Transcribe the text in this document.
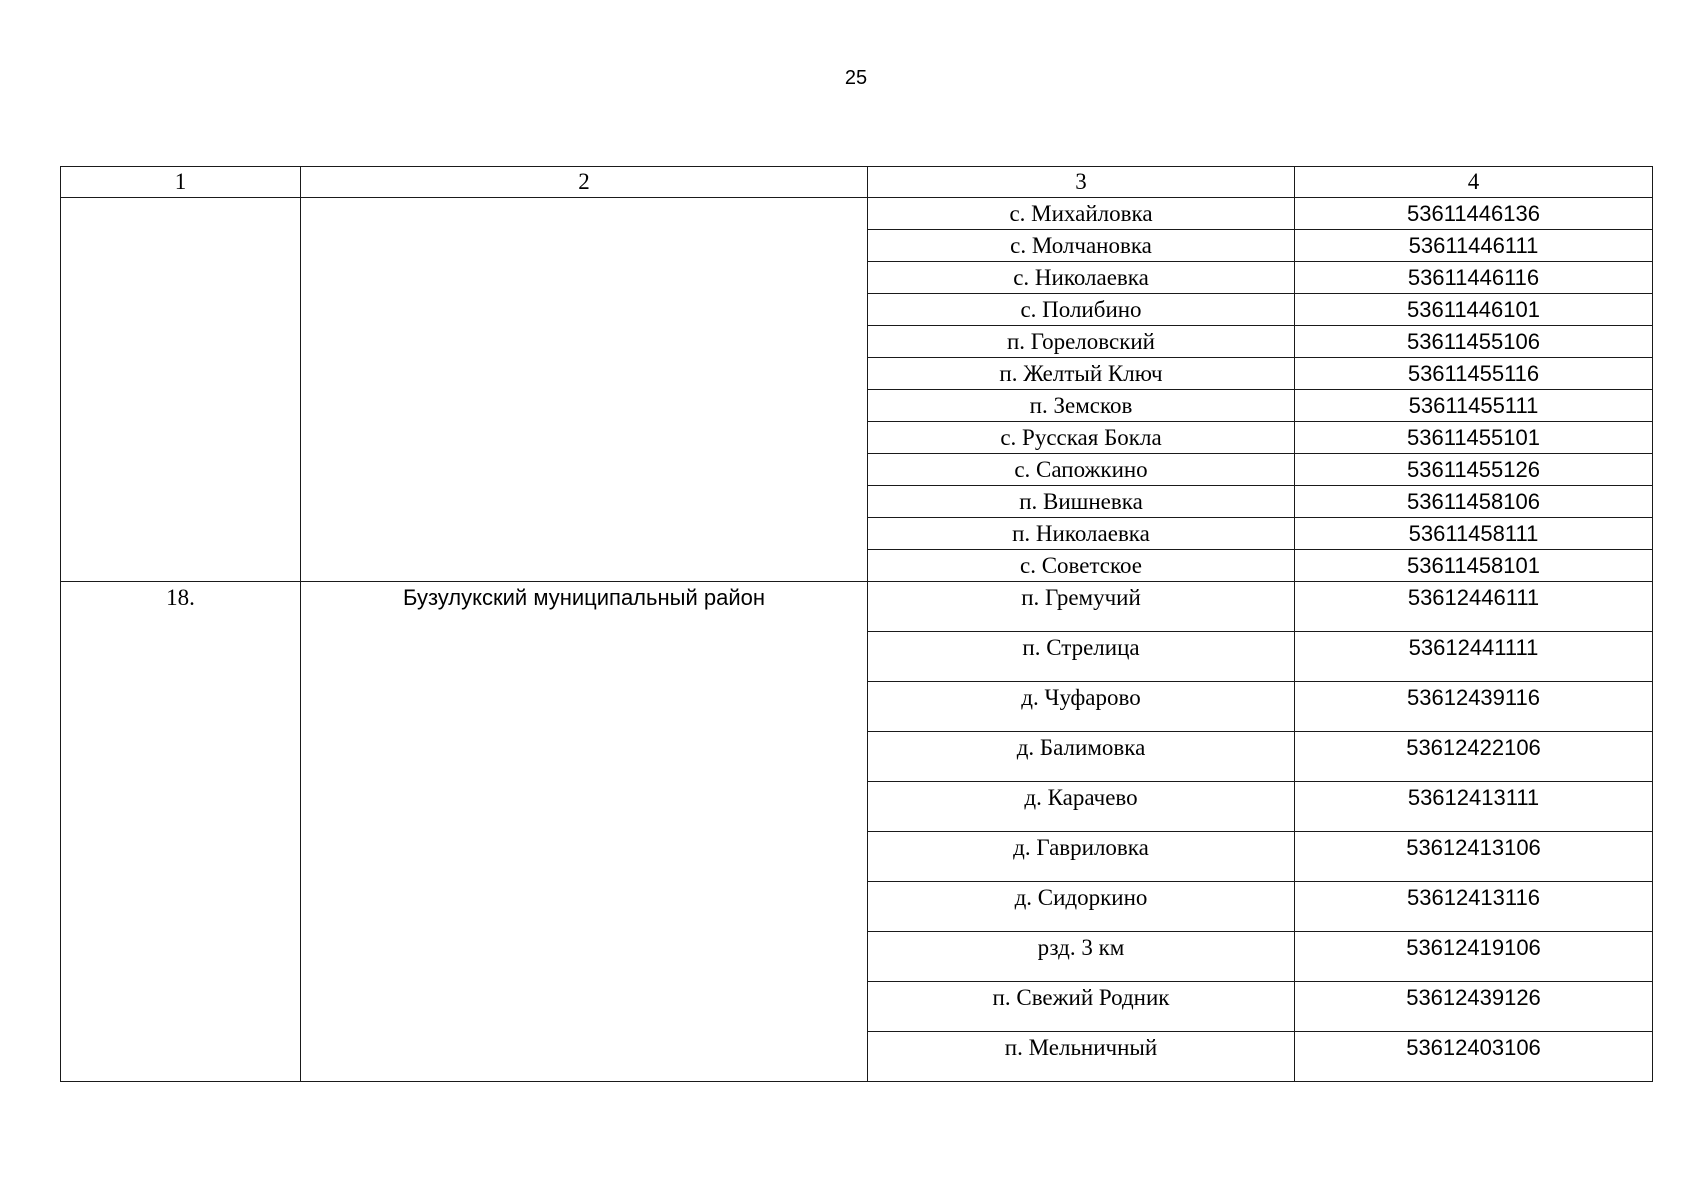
25
1	2	3	4
		с. Михайловка	53611446136
		с. Молчановка	53611446111
		с. Николаевка	53611446116
		с. Полибино	53611446101
		п. Гореловский	53611455106
		п. Желтый Ключ	53611455116
		п. Земсков	53611455111
		с. Русская Бокла	53611455101
		с. Сапожкино	53611455126
		п. Вишневка	53611458106
		п. Николаевка	53611458111
		с. Советское	53611458101
18.	Бузулукский муниципальный район	п. Гремучий	53612446111
		п. Стрелица	53612441111
		д. Чуфарово	53612439116
		д. Балимовка	53612422106
		д. Карачево	53612413111
		д. Гавриловка	53612413106
		д. Сидоркино	53612413116
		рзд. 3 км	53612419106
		п. Свежий Родник	53612439126
		п. Мельничный	53612403106
